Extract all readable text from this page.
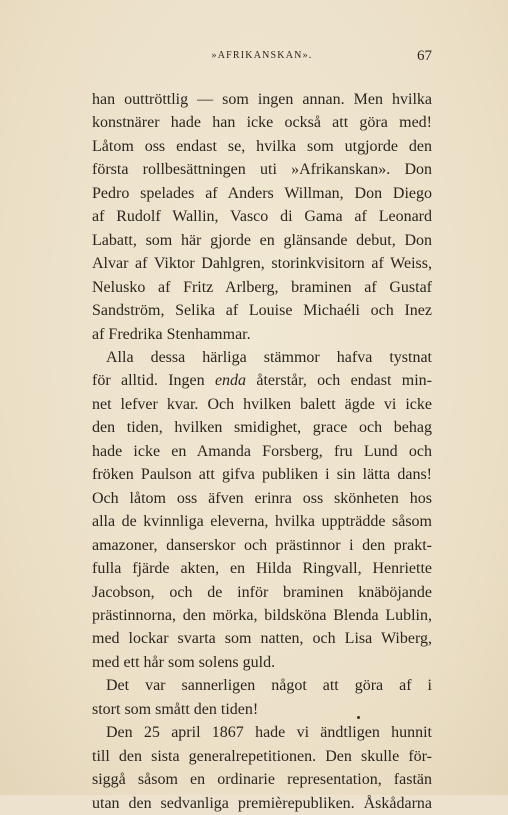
»AFRIKANSKAN».	67
han outtröttlig — som ingen annan. Men hvilka
konstnärer hade han icke också att göra med!
Låtom oss endast se, hvilka som utgjorde den
första rollbesättningen uti »Afrikanskan». Don
Pedro spelades af Anders Willman, Don Diego
af Rudolf Wallin, Vasco di Gama af Leonard
Labatt, som här gjorde en glänsande debut, Don
Alvar af Viktor Dahlgren, storinkvisitorn af Weiss,
Nelusko af Fritz Arlberg, braminen af Gustaf
Sandström, Selika af Louise Michaéli och Inez
af Fredrika Stenhammar.
Alla dessa härliga stämmor hafva tystnat
för alltid. Ingen enda återstår, och endast min-
net lefver kvar. Och hvilken balett ägde vi icke
den tiden, hvilken smidighet, grace och behag
hade icke en Amanda Forsberg, fru Lund och
fröken Paulson att gifva publiken i sin lätta dans!
Och låtom oss äfven erinra oss skönheten hos
alla de kvinnliga eleverna, hvilka uppträdde såsom
amazoner, danserskor och prästinnor i den prakt-
fulla fjärde akten, en Hilda Ringvall, Henriette
Jacobson, och de inför braminen knäböjande
prästinnorna, den mörka, bildsköna Blenda Lublin,
med lockar svarta som natten, och Lisa Wiberg,
med ett hår som solens guld.
Det var sannerligen något att göra af i
stort som smått den tiden!
Den 25 april 1867 hade vi ändtligen hunnit
till den sista generalrepetitionen. Den skulle för-
siggå såsom en ordinarie representation, fastän
utan den sedvanliga premièrepubliken. Åskådarna
